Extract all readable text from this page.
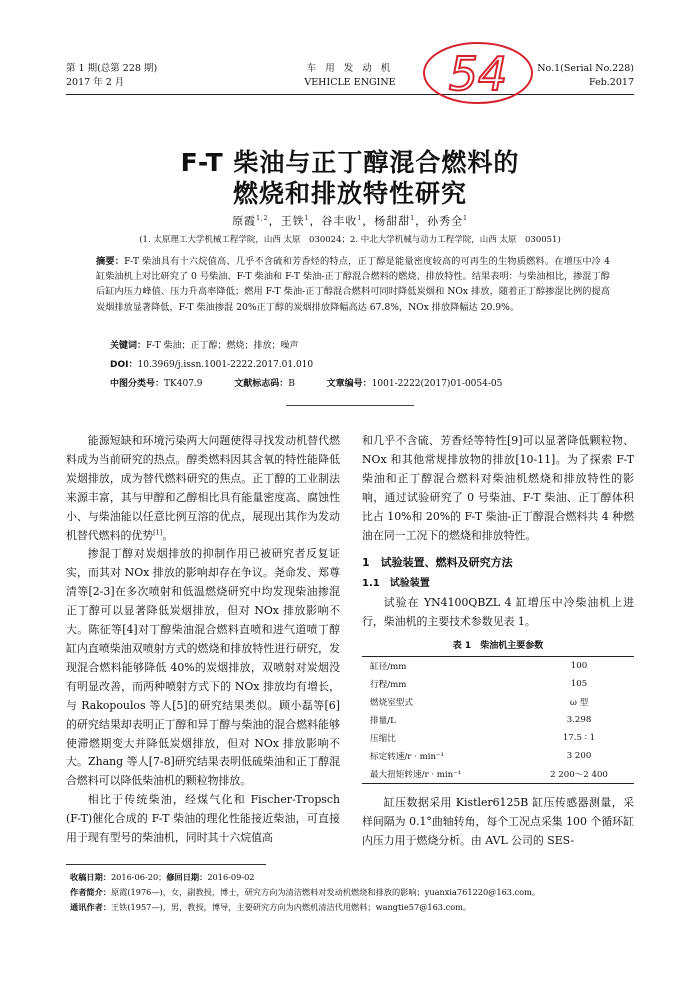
第 1 期(总第 228 期)
2017 年 2 月
车 用 发 动 机
VEHICLE ENGINE
No.1(Serial No.228)
Feb.2017
54
F-T 柴油与正丁醇混合燃料的
燃烧和排放特性研究
原霞$^{1,2}$，王铁$^1$，谷丰收$^1$，杨甜甜$^1$，孙秀全$^1$
(1. 太原理工大学机械工程学院，山西 太原　030024；2. 中北大学机械与动力工程学院，山西 太原　030051)
摘要：F-T 柴油具有十六烷值高、几乎不含硫和芳香烃的特点，正丁醇是能量密度较高的可再生的生物质燃料。在增压中冷 4 缸柴油机上对比研究了 0 号柴油、F-T 柴油和 F-T 柴油-正丁醇混合燃料的燃烧、排放特性。结果表明：与柴油相比，掺混丁醇后缸内压力峰值、压力升高率降低；燃用 F-T 柴油-正丁醇混合燃料可同时降低炭烟和 NOx 排放，随着正丁醇掺混比例的提高炭烟排放显著降低，F-T 柴油掺混 20%正丁醇的炭烟排放降幅高达 67.8%，NOx 排放降幅达 20.9%。
关键词：F-T 柴油；正丁醇；燃烧；排放；噪声
DOI：10.3969/j.issn.1001-2222.2017.01.010
中图分类号：TK407.9	文献标志码：B	文章编号：1001-2222(2017)01-0054-05

能源短缺和环境污染两大问题使得寻找发动机替代燃料成为当前研究的热点。醇类燃料因其含氧的特性能降低炭烟排放，成为替代燃料研究的焦点。正丁醇的工业制法来源丰富，其与甲醇和乙醇相比具有能量密度高、腐蚀性小、与柴油能以任意比例互溶的优点，展现出其作为发动机替代燃料的优势[1]。

掺混丁醇对炭烟排放的抑制作用已被研究者反复证实，而其对 NOx 排放的影响却存在争议。尧命发、郑尊清等[2-3]在多次喷射和低温燃烧研究中均发现柴油掺混正丁醇可以显著降低炭烟排放，但对 NOx 排放影响不大。陈征等[4]对丁醇柴油混合燃料直喷和进气道喷丁醇缸内直喷柴油双喷射方式的燃烧和排放特性进行研究，发现混合燃料能够降低 40%的炭烟排放，双喷射对炭烟没有明显改善，而两种喷射方式下的 NOx 排放均有增长，与 Rakopoulos 等人[5]的研究结果类似。顾小磊等[6]的研究结果却表明正丁醇和异丁醇与柴油的混合燃料能够使滞燃期变大并降低炭烟排放，但对 NOx 排放影响不大。Zhang 等人[7-8]研究结果表明低硫柴油和正丁醇混合燃料可以降低柴油机的颗粒物排放。

相比于传统柴油，经煤气化和 Fischer-Tropsch (F-T)催化合成的 F-T 柴油的理化性能接近柴油，可直接用于现有型号的柴油机，同时其十六烷值高

和几乎不含硫、芳香烃等特性[9]可以显著降低颗粒物、NOx 和其他常规排放物的排放[10-11]。为了探索 F-T 柴油和正丁醇混合燃料对柴油机燃烧和排放特性的影响，通过试验研究了 0 号柴油、F-T 柴油、正丁醇体积比占 10%和 20%的 F-T 柴油-正丁醇混合燃料共 4 种燃油在同一工况下的燃烧和排放特性。

1　试验装置、燃料及研究方法
1.1　试验装置

试验在 YN4100QBZL 4 缸增压中冷柴油机上进行，柴油机的主要技术参数见表 1。

表 1　柴油机主要参数
缸径/mm	100
行程/mm	105
燃烧室型式	ω 型
排量/L	3.298
压缩比	17.5 ∶ 1
标定转速/r · min⁻¹	3 200
最大扭矩转速/r · min⁻¹	2 200～2 400

缸压数据采用 Kistler6125B 缸压传感器测量，采样间隔为 0.1°曲轴转角，每个工况点采集 100 个循环缸内压力用于燃烧分析。由 AVL 公司的 SES-

收稿日期：2016-06-20；修回日期：2016-09-02
作者简介：原霞(1976—)，女，副教授，博士，研究方向为清洁燃料对发动机燃烧和排放的影响；yuanxia761220@163.com。
通讯作者：王铁(1957—)，男，教授，博导，主要研究方向为内燃机清洁代用燃料；wangtie57@163.com。
